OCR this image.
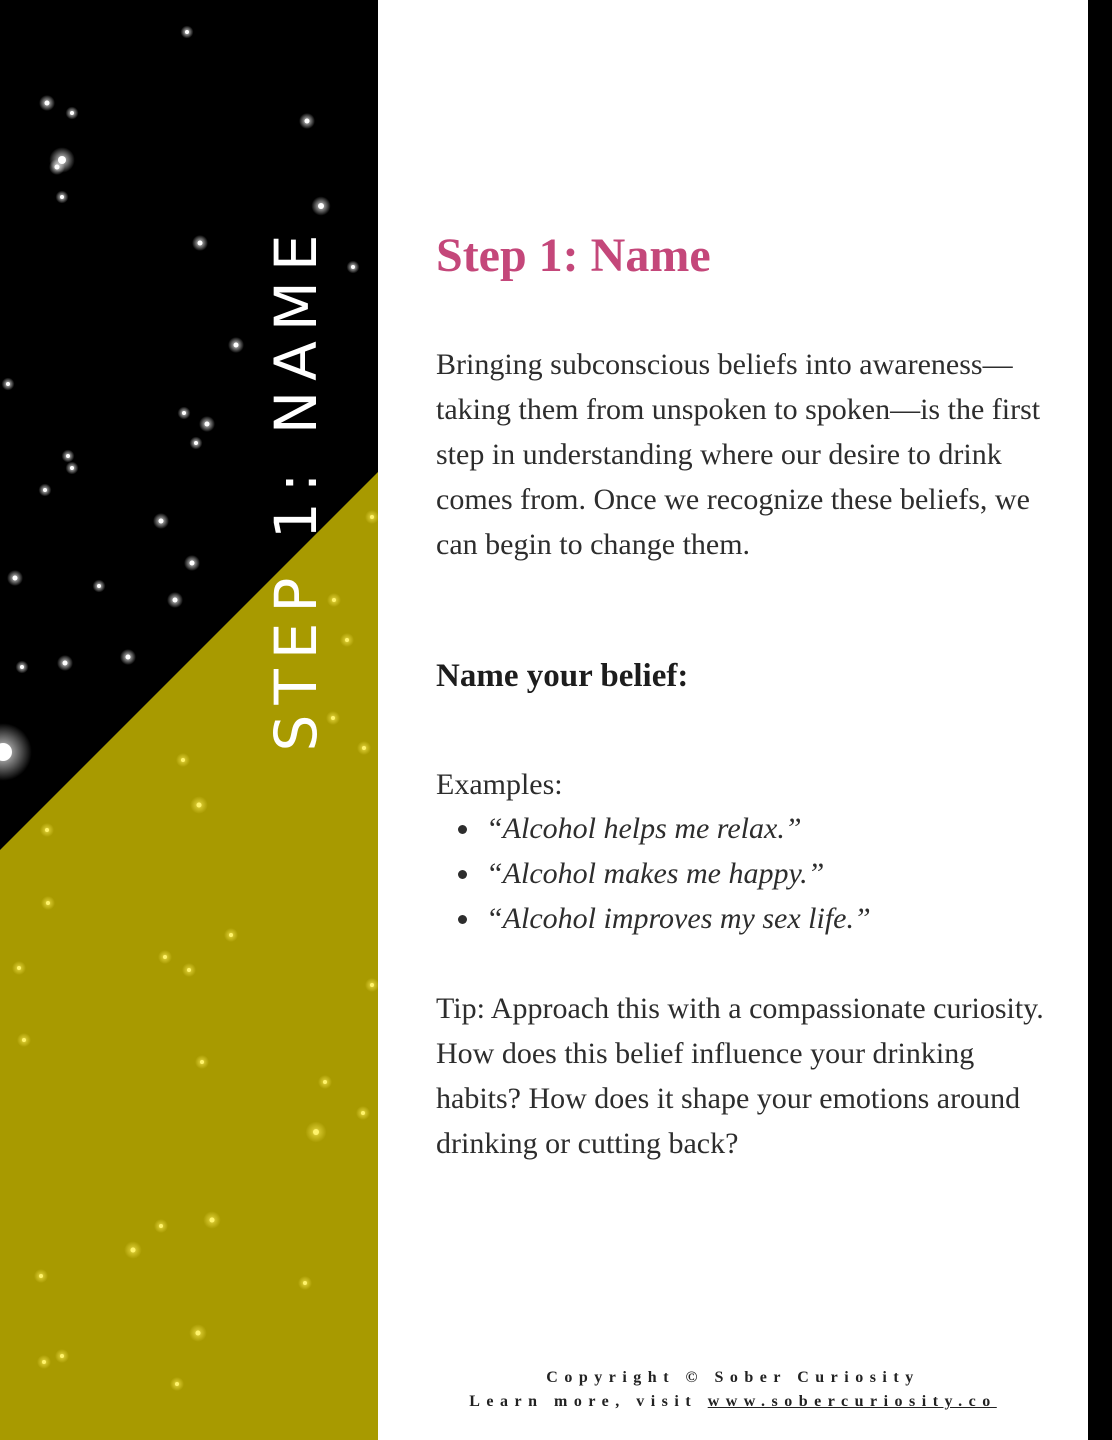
STEP 1: NAME Step 1: Name

Bringing subconscious beliefs into awareness—taking them from unspoken to spoken—is the first step in understanding where our desire to drink comes from. Once we recognize these beliefs, we can begin to change them.

Name your belief:

Examples:

“Alcohol helps me relax.”
“Alcohol makes me happy.”
“Alcohol improves my sex life.”

Tip: Approach this with a compassionate curiosity. How does this belief influence your drinking habits? How does it shape your emotions around drinking or cutting back?

Copyright © Sober Curiosity
Learn more, visit www.sobercuriosity.co
